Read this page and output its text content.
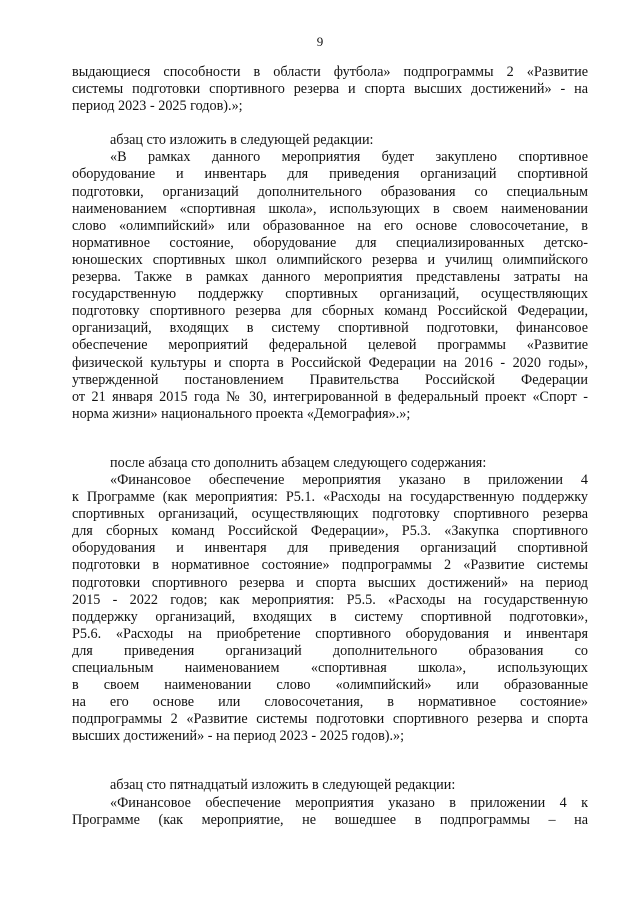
9
выдающиеся способности в области футбола» подпрограммы 2 «Развитие
системы подготовки спортивного резерва и спорта высших достижений» - на
период 2023 - 2025 годов).»;
абзац сто изложить в следующей редакции:
«В рамках данного мероприятия будет закуплено спортивное
оборудование и инвентарь для приведения организаций спортивной
подготовки, организаций дополнительного образования со специальным
наименованием «спортивная школа», использующих в своем наименовании
слово «олимпийский» или образованное на его основе словосочетание, в
нормативное состояние, оборудование для специализированных детско-
юношеских спортивных школ олимпийского резерва и училищ олимпийского
резерва. Также в рамках данного мероприятия представлены затраты на
государственную поддержку спортивных организаций, осуществляющих
подготовку спортивного резерва для сборных команд Российской Федерации,
организаций, входящих в систему спортивной подготовки, финансовое
обеспечение мероприятий федеральной целевой программы «Развитие
физической культуры и спорта в Российской Федерации на 2016 - 2020 годы»,
утвержденной постановлением Правительства Российской Федерации
от 21 января 2015 года № 30, интегрированной в федеральный проект «Спорт -
норма жизни» национального проекта «Демография».»;
после абзаца сто дополнить абзацем следующего содержания:
«Финансовое обеспечение мероприятия указано в приложении 4
к Программе (как мероприятия: Р5.1. «Расходы на государственную поддержку
спортивных организаций, осуществляющих подготовку спортивного резерва
для сборных команд Российской Федерации», Р5.3. «Закупка спортивного
оборудования и инвентаря для приведения организаций спортивной
подготовки в нормативное состояние» подпрограммы 2 «Развитие системы
подготовки спортивного резерва и спорта высших достижений» на период
2015 - 2022 годов; как мероприятия: Р5.5. «Расходы на государственную
поддержку организаций, входящих в систему спортивной подготовки»,
Р5.6. «Расходы на приобретение спортивного оборудования и инвентаря
для приведения организаций дополнительного образования со
специальным наименованием «спортивная школа», использующих
в своем наименовании слово «олимпийский» или образованные
на его основе или словосочетания, в нормативное состояние»
подпрограммы 2 «Развитие системы подготовки спортивного резерва и спорта
высших достижений» - на период 2023 - 2025 годов).»;
абзац сто пятнадцатый изложить в следующей редакции:
«Финансовое обеспечение мероприятия указано в приложении 4 к
Программе (как мероприятие, не вошедшее в подпрограммы – на
